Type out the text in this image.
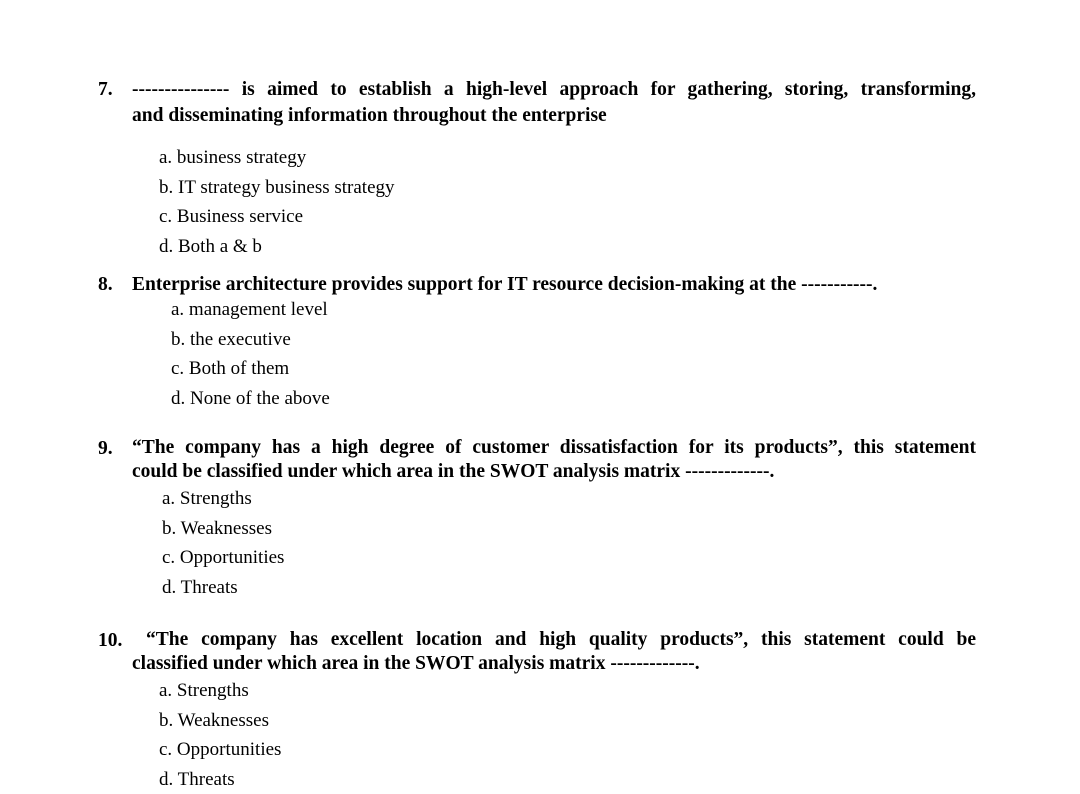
7. --------------- is aimed to establish a high-level approach for gathering, storing, transforming,
and disseminating information throughout the enterprise
a. business strategy
b. IT strategy business strategy
c. Business service
d. Both a & b
8. Enterprise architecture provides support for IT resource decision-making at the -----------.
a. management level
b. the executive
c. Both of them
d. None of the above
9. “The company has a high degree of customer dissatisfaction for its products”, this statement
could be classified under which area in the SWOT analysis matrix -------------.
a. Strengths
b. Weaknesses
c. Opportunities
d. Threats
10.	“The company has excellent location and high quality products”, this statement could be
classified under which area in the SWOT analysis matrix -------------.
a. Strengths
b. Weaknesses
c. Opportunities
d. Threats
